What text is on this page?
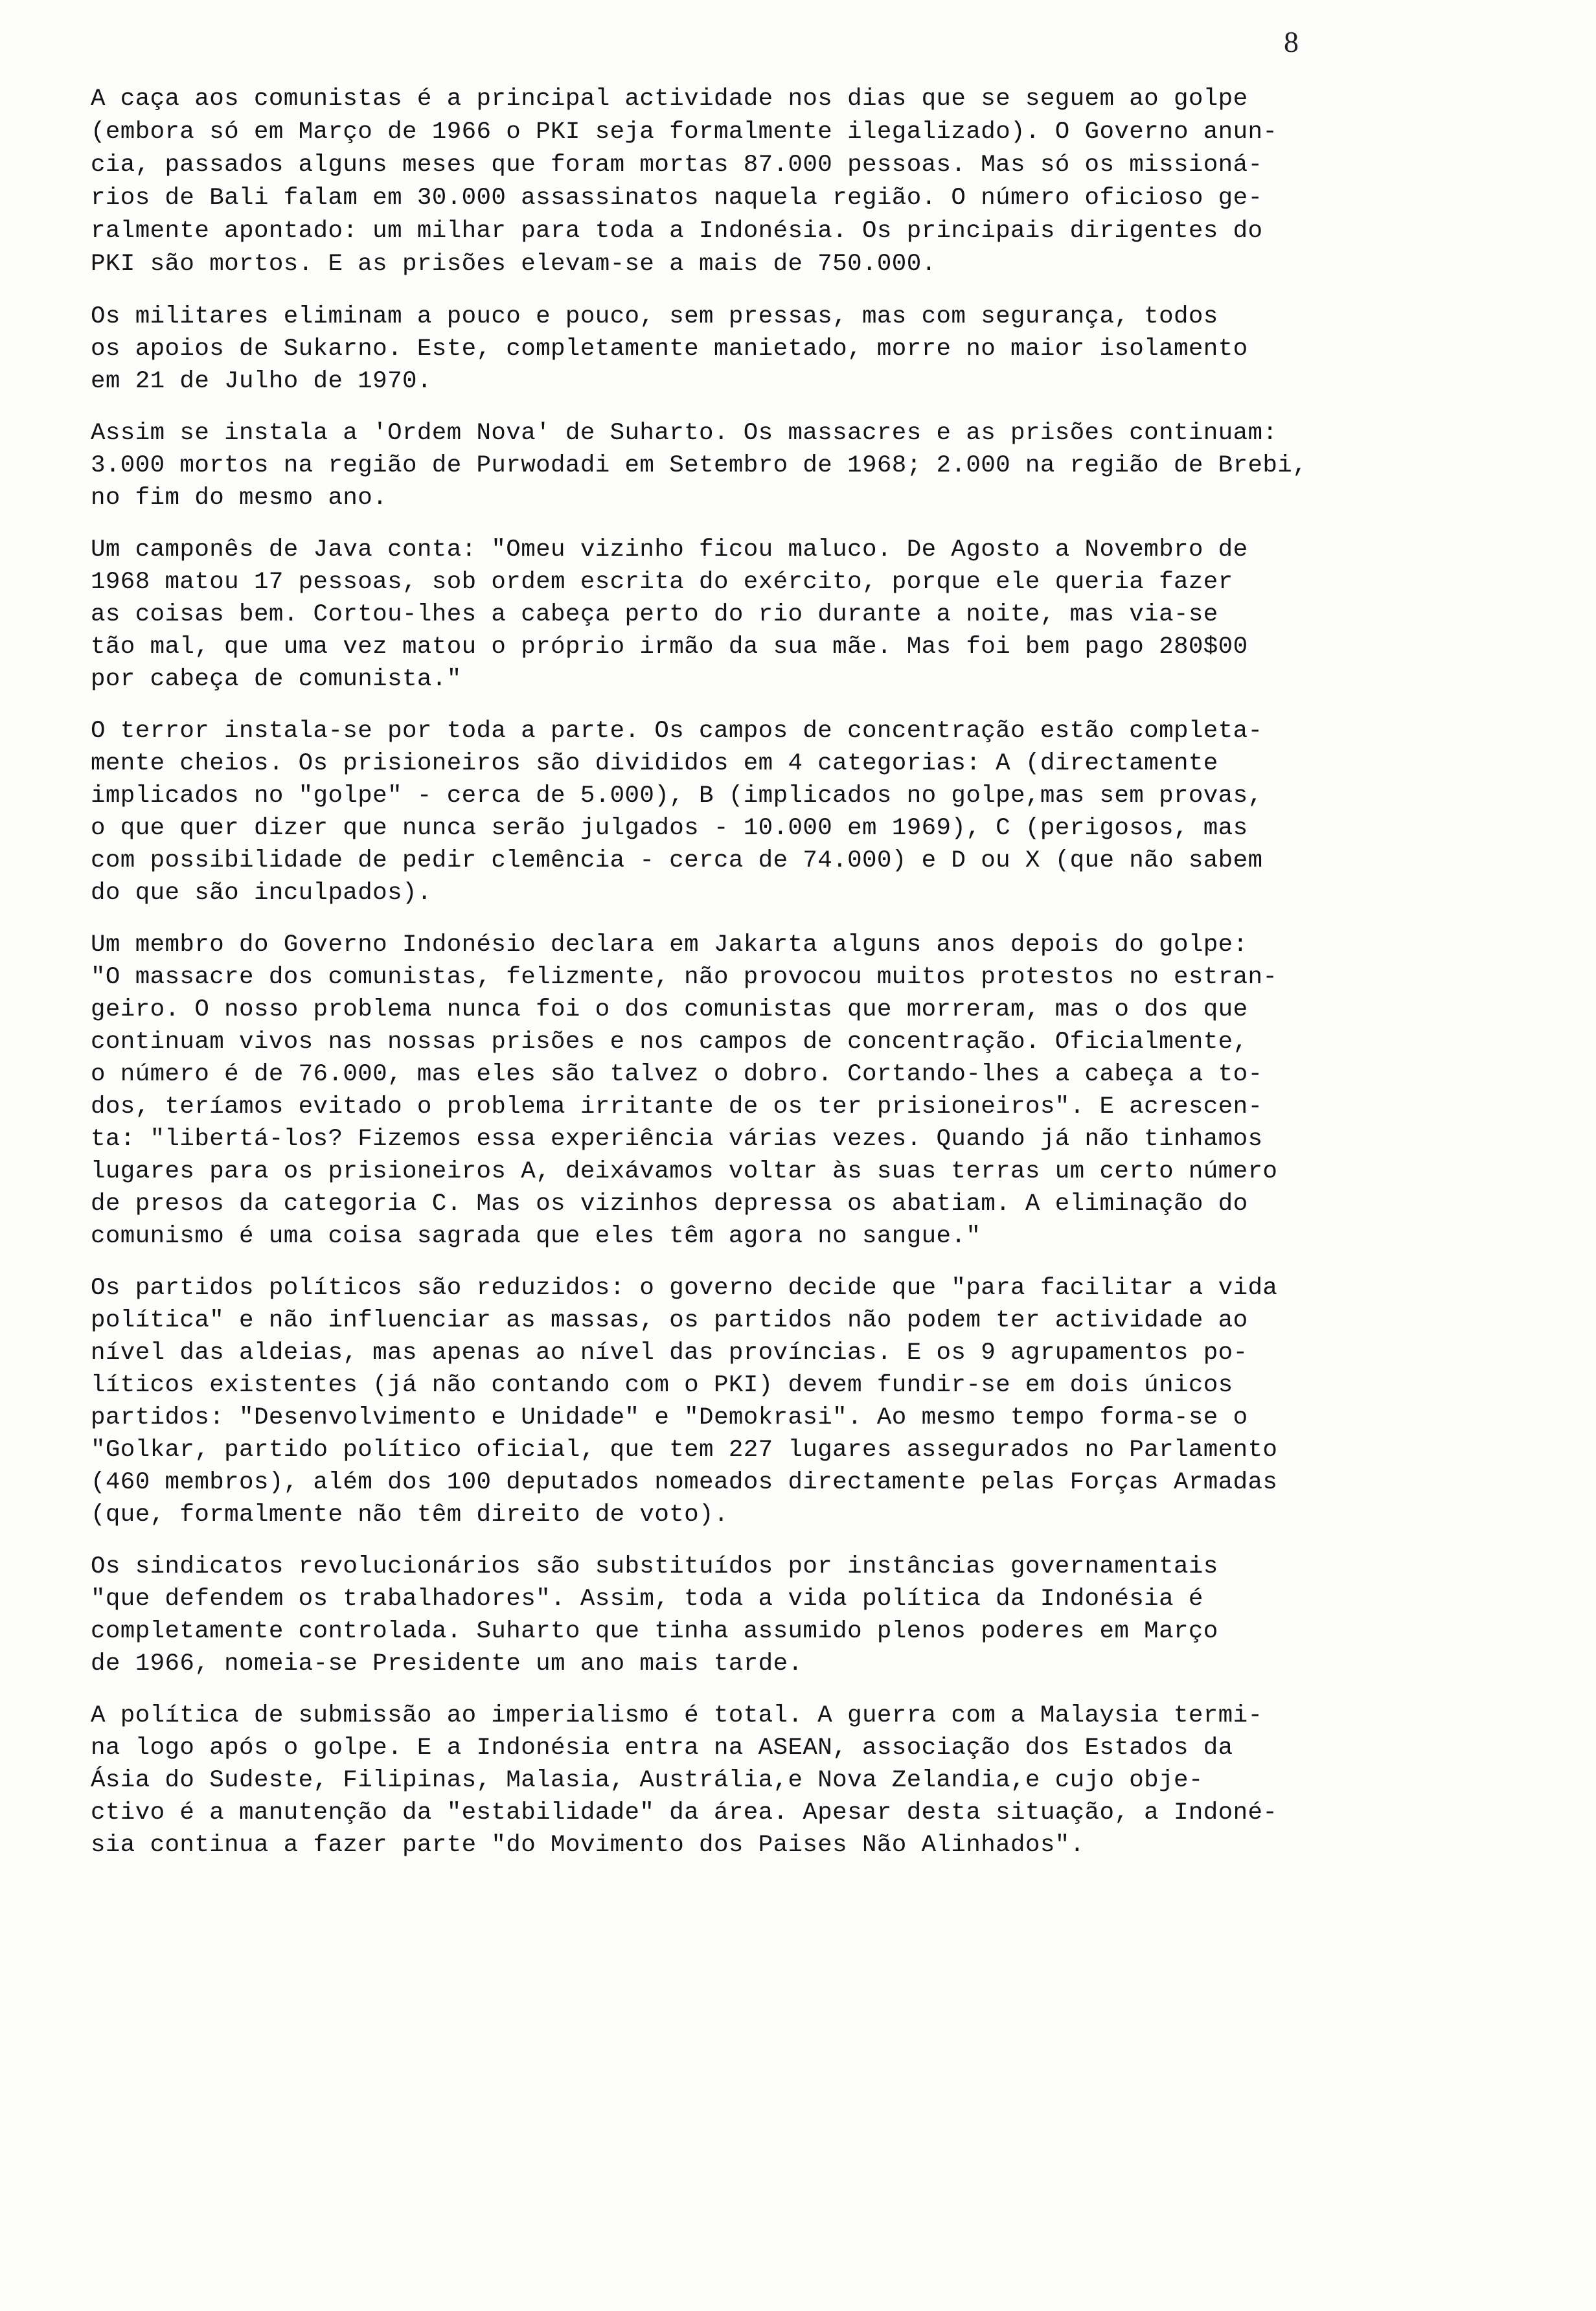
8
A caça aos comunistas é a principal actividade nos dias que se seguem ao golpe
(embora só em Março de 1966 o PKI seja formalmente ilegalizado). O Governo anun-
cia, passados alguns meses que foram mortas 87.000 pessoas. Mas só os missioná-
rios de Bali falam em 30.000 assassinatos naquela região. O número oficioso ge-
ralmente apontado: um milhar para toda a Indonésia. Os principais dirigentes do
PKI são mortos. E as prisões elevam-se a mais de 750.000.
Os militares eliminam a pouco e pouco, sem pressas, mas com segurança, todos
os apoios de Sukarno. Este, completamente manietado, morre no maior isolamento
em 21 de Julho de 1970.
Assim se instala a 'Ordem Nova' de Suharto. Os massacres e as prisões continuam:
3.000 mortos na região de Purwodadi em Setembro de 1968; 2.000 na região de Brebi,
no fim do mesmo ano.
Um camponês de Java conta: "Omeu vizinho ficou maluco. De Agosto a Novembro de
1968 matou 17 pessoas, sob ordem escrita do exército, porque ele queria fazer
as coisas bem. Cortou-lhes a cabeça perto do rio durante a noite, mas via-se
tão mal, que uma vez matou o próprio irmão da sua mãe. Mas foi bem pago 280$00
por cabeça de comunista."
O terror instala-se por toda a parte. Os campos de concentração estão completa-
mente cheios. Os prisioneiros são divididos em 4 categorias: A (directamente
implicados no "golpe" - cerca de 5.000), B (implicados no golpe,mas sem provas,
o que quer dizer que nunca serão julgados - 10.000 em 1969), C (perigosos, mas
com possibilidade de pedir clemência - cerca de 74.000) e D ou X (que não sabem
do que são inculpados).
Um membro do Governo Indonésio declara em Jakarta alguns anos depois do golpe:
"O massacre dos comunistas, felizmente, não provocou muitos protestos no estran-
geiro. O nosso problema nunca foi o dos comunistas que morreram, mas o dos que
continuam vivos nas nossas prisões e nos campos de concentração. Oficialmente,
o número é de 76.000, mas eles são talvez o dobro. Cortando-lhes a cabeça a to-
dos, teríamos evitado o problema irritante de os ter prisioneiros". E acrescen-
ta: "libertá-los? Fizemos essa experiência várias vezes. Quando já não tinhamos
lugares para os prisioneiros A, deixávamos voltar às suas terras um certo número
de presos da categoria C. Mas os vizinhos depressa os abatiam. A eliminação do
comunismo é uma coisa sagrada que eles têm agora no sangue."
Os partidos políticos são reduzidos: o governo decide que "para facilitar a vida
política" e não influenciar as massas, os partidos não podem ter actividade ao
nível das aldeias, mas apenas ao nível das províncias. E os 9 agrupamentos po-
líticos existentes (já não contando com o PKI) devem fundir-se em dois únicos
partidos: "Desenvolvimento e Unidade" e "Demokrasi". Ao mesmo tempo forma-se o
"Golkar, partido político oficial, que tem 227 lugares assegurados no Parlamento
(460 membros), além dos 100 deputados nomeados directamente pelas Forças Armadas
(que, formalmente não têm direito de voto).
Os sindicatos revolucionários são substituídos por instâncias governamentais
"que defendem os trabalhadores". Assim, toda a vida política da Indonésia é
completamente controlada. Suharto que tinha assumido plenos poderes em Março
de 1966, nomeia-se Presidente um ano mais tarde.
A política de submissão ao imperialismo é total. A guerra com a Malaysia termi-
na logo após o golpe. E a Indonésia entra na ASEAN, associação dos Estados da
Ásia do Sudeste, Filipinas, Malasia, Austrália,e Nova Zelandia,e cujo obje-
ctivo é a manutenção da "estabilidade" da área. Apesar desta situação, a Indoné-
sia continua a fazer parte "do Movimento dos Paises Não Alinhados".
